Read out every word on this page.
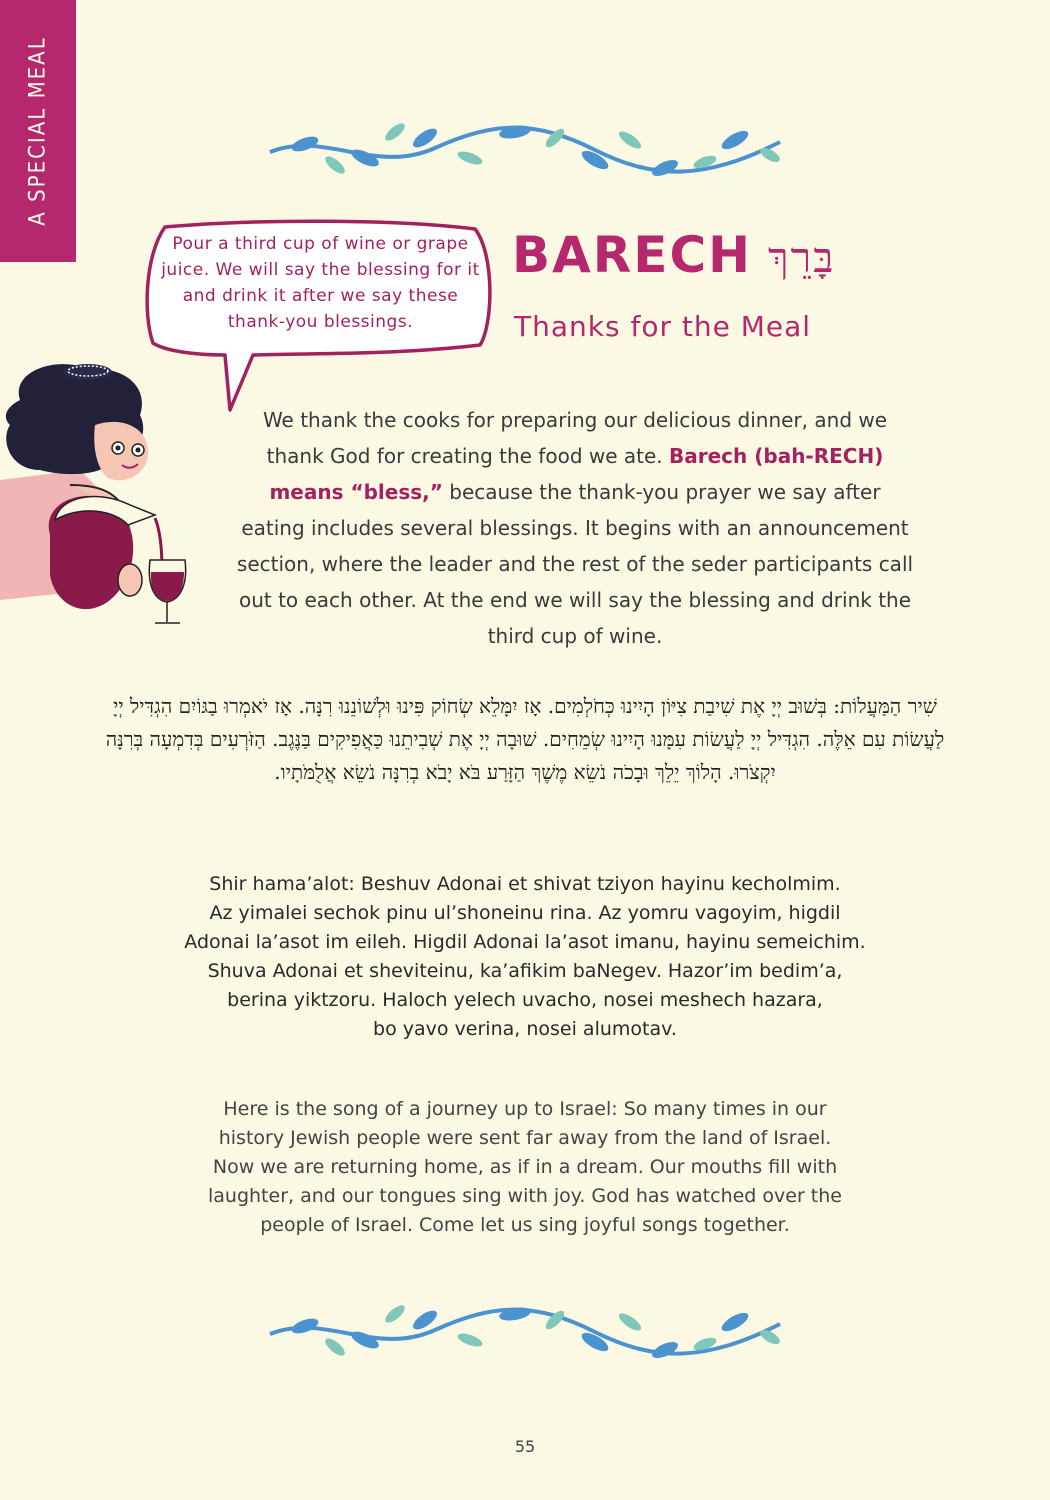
A SPECIAL MEAL
Pour a third cup of wine or grape
juice. We will say the blessing for it
and drink it after we say these
thank-you blessings.
BARECH בָּרֵךְ
Thanks for the Meal
We thank the cooks for preparing our delicious dinner, and we thank God for creating the food we ate. Barech (bah-RECH) means “bless,” because the thank-you prayer we say after eating includes several blessings. It begins with an announcement section, where the leader and the rest of the seder participants call out to each other. At the end we will say the blessing and drink the third cup of wine.
שִׁיר הַמַּעֲלוֹת: בְּשׁוּב יְיָ אֶת שִׁיבַת צִיּוֹן הָיִינוּ כְּחֹלְמִים. אָז יִמָּלֵא שְׂחוֹק פִּינוּ וּלְשׁוֹנֵנוּ רִנָּה. אָז יֹאמְרוּ בַגּוֹיִם הִגְדִּיל יְיָ לַעֲשׂוֹת עִם אֵלֶּה. הִגְדִּיל יְיָ לַעֲשׂוֹת עִמָּנוּ הָיִינוּ שְׂמֵחִים. שׁוּבָה יְיָ אֶת שְׁבִיתֵנוּ כַּאֲפִיקִים בַּנֶּגֶב. הַזֹּרְעִים בְּדִמְעָה בְּרִנָּה יִקְצֹרוּ. הָלוֹךְ יֵלֵךְ וּבָכֹה נֹשֵׂא מֶשֶׁךְ הַזָּרַע בֹּא יָבֹא בְרִנָּה נֹשֵׂא אֲלֻמֹּתָיו.
Shir hama’alot: Beshuv Adonai et shivat tziyon hayinu kecholmim.
Az yimalei sechok pinu ul’shoneinu rina. Az yomru vagoyim, higdil
Adonai la’asot im eileh. Higdil Adonai la’asot imanu, hayinu semeichim.
Shuva Adonai et sheviteinu, ka’afikim baNegev. Hazor’im bedim’a,
berina yiktzoru. Haloch yelech uvacho, nosei meshech hazara,
bo yavo verina, nosei alumotav.
Here is the song of a journey up to Israel: So many times in our
history Jewish people were sent far away from the land of Israel.
Now we are returning home, as if in a dream. Our mouths fill with
laughter, and our tongues sing with joy. God has watched over the
people of Israel. Come let us sing joyful songs together.
55
